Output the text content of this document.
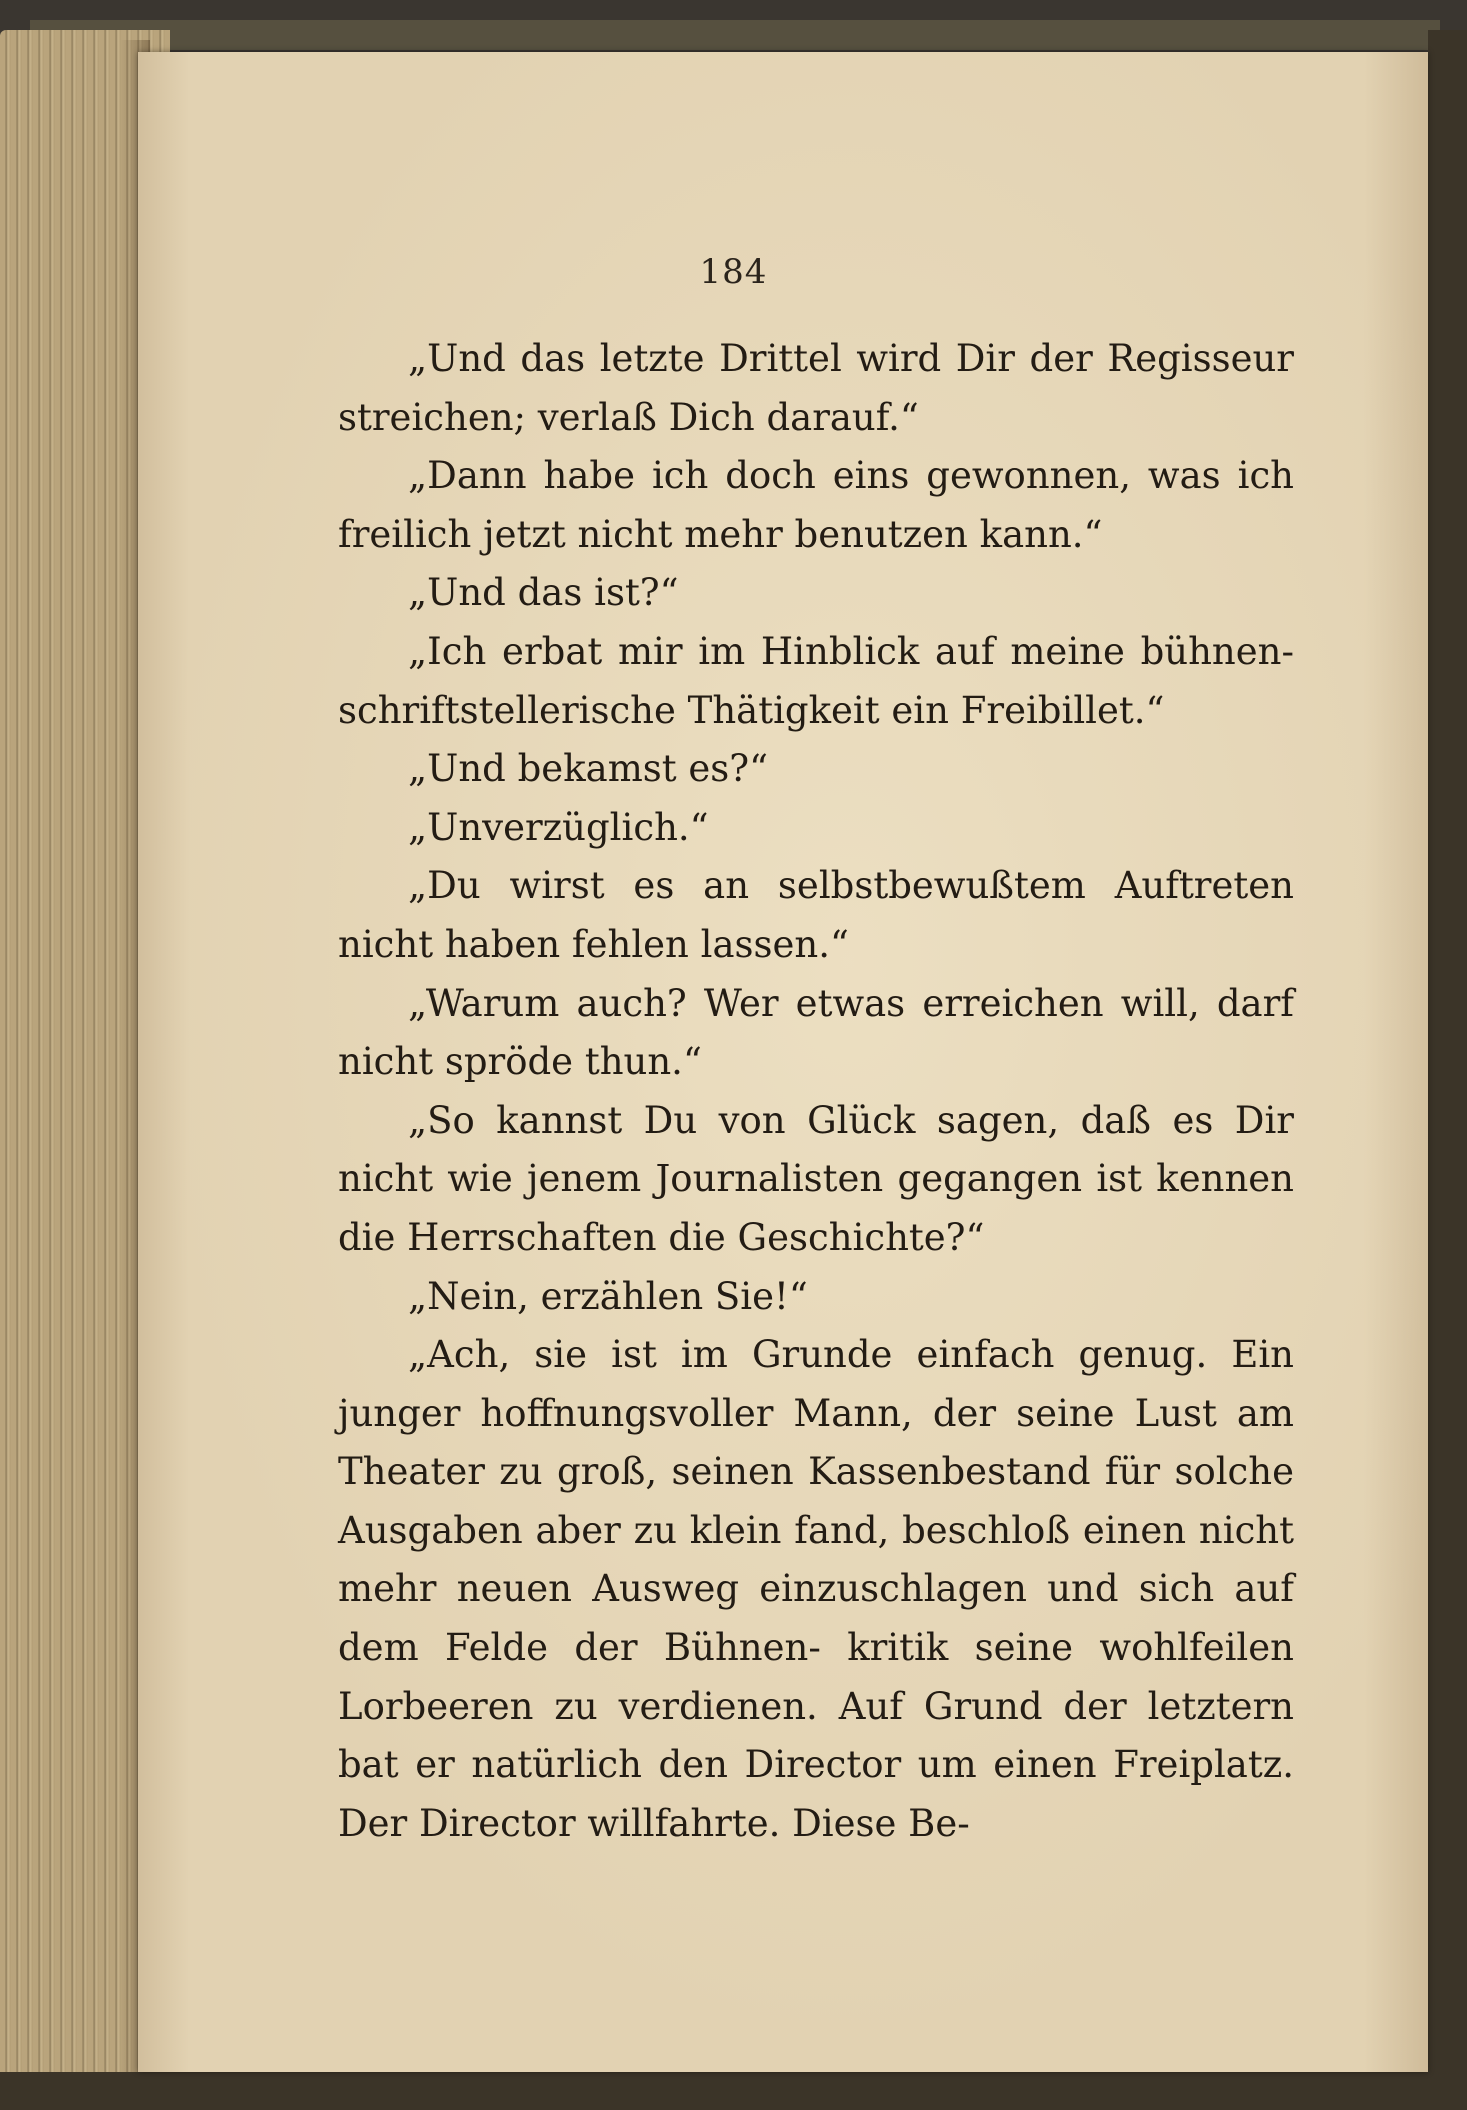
184

„Und das letzte Drittel wird Dir der Regisseur streichen; verlaß Dich darauf.“

„Dann habe ich doch eins gewonnen, was ich freilich jetzt nicht mehr benutzen kann.“

„Und das ist?“

„Ich erbat mir im Hinblick auf meine bühnen- schriftstellerische Thätigkeit ein Freibillet.“

„Und bekamst es?“

„Unverzüglich.“

„Du wirst es an selbstbewußtem Auftreten nicht haben fehlen lassen.“

„Warum auch? Wer etwas erreichen will, darf nicht spröde thun.“

„So kannst Du von Glück sagen, daß es Dir nicht wie jenem Journalisten gegangen ist kennen die Herrschaften die Geschichte?“

„Nein, erzählen Sie!“

„Ach, sie ist im Grunde einfach genug. Ein junger hoffnungsvoller Mann, der seine Lust am Theater zu groß, seinen Kassenbestand für solche Ausgaben aber zu klein fand, beschloß einen nicht mehr neuen Ausweg einzuschlagen und sich auf dem Felde der Bühnen- kritik seine wohlfeilen Lorbeeren zu verdienen. Auf Grund der letztern bat er natürlich den Director um einen Freiplatz. Der Director willfahrte. Diese Be-
